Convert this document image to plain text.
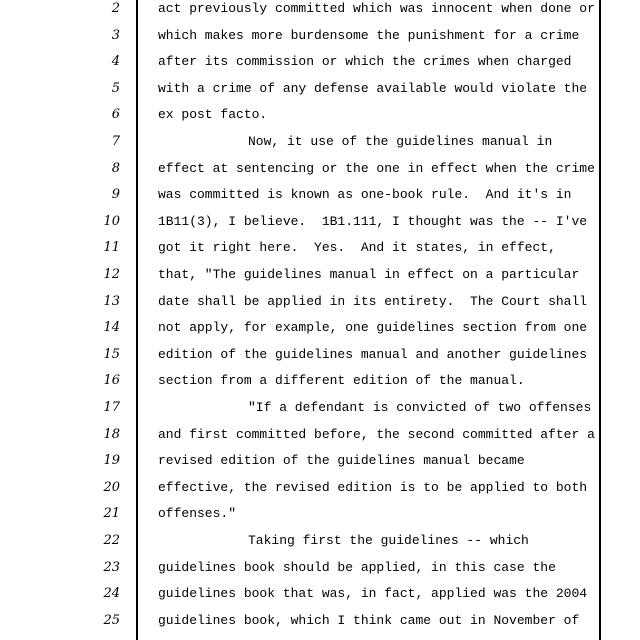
2	act previously committed which was innocent when done or
3	which makes more burdensome the punishment for a crime
4	after its commission or which the crimes when charged
5	with a crime of any defense available would violate the
6	ex post facto.
7	Now, it use of the guidelines manual in
8	effect at sentencing or the one in effect when the crime
9	was committed is known as one-book rule.  And it's in
10	1B11(3), I believe.  1B1.111, I thought was the -- I've
11	got it right here.  Yes.  And it states, in effect,
12	that, "The guidelines manual in effect on a particular
13	date shall be applied in its entirety.  The Court shall
14	not apply, for example, one guidelines section from one
15	edition of the guidelines manual and another guidelines
16	section from a different edition of the manual.
17	"If a defendant is convicted of two offenses
18	and first committed before, the second committed after a
19	revised edition of the guidelines manual became
20	effective, the revised edition is to be applied to both
21	offenses."
22	Taking first the guidelines -- which
23	guidelines book should be applied, in this case the
24	guidelines book that was, in fact, applied was the 2004
25	guidelines book, which I think came out in November of
